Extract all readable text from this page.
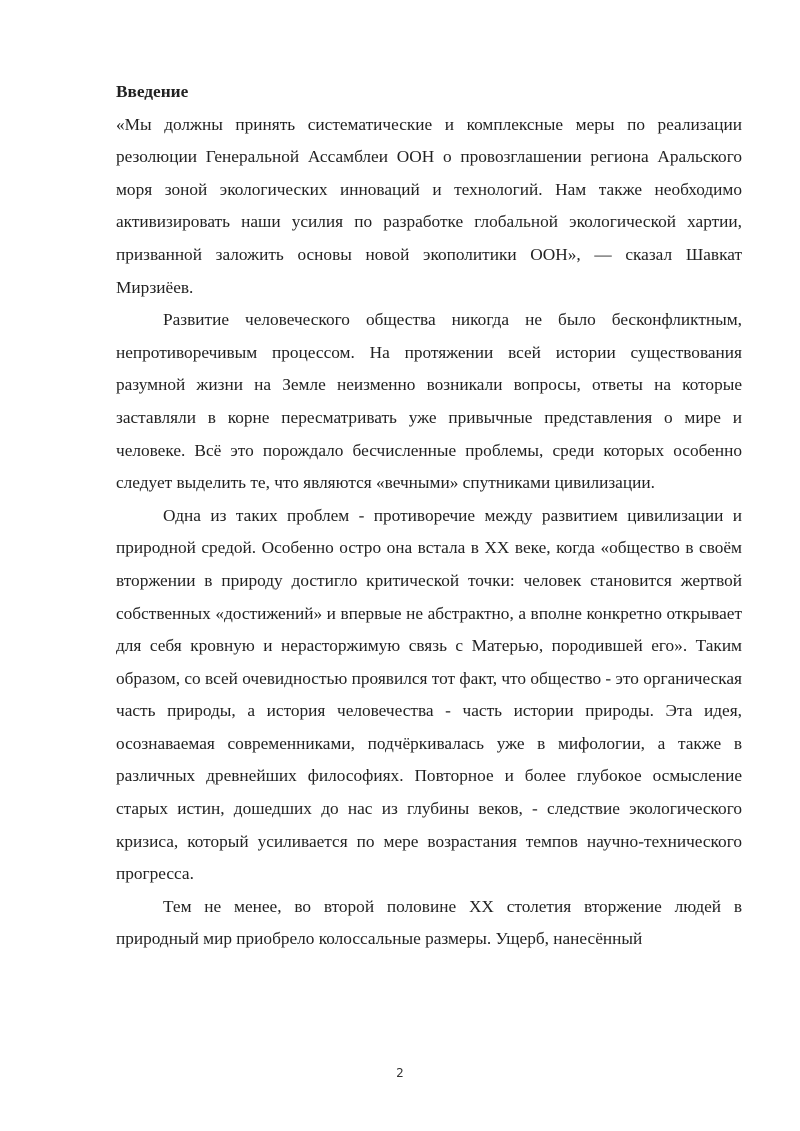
Введение

«Мы должны принять систематические и комплексные меры по реализации резолюции Генеральной Ассамблеи ООН о провозглашении региона Аральского моря зоной экологических инноваций и технологий. Нам также необходимо активизировать наши усилия по разработке глобальной экологической хартии, призванной заложить основы новой экополитики ООН», — сказал Шавкат Мирзиёев.

Развитие человеческого общества никогда не было бесконфликтным, непротиворечивым процессом. На протяжении всей истории существования разумной жизни на Земле неизменно возникали вопросы, ответы на которые заставляли в корне пересматривать уже привычные представления о мире и человеке. Всё это порождало бесчисленные проблемы, среди которых особенно следует выделить те, что являются «вечными» спутниками цивилизации.

Одна из таких проблем - противоречие между развитием цивилизации и природной средой. Особенно остро она встала в XX веке, когда «общество в своём вторжении в природу достигло критической точки: человек становится жертвой собственных «достижений» и впервые не абстрактно, а вполне конкретно открывает для себя кровную и нерасторжимую связь с Матерью, породившей его». Таким образом, со всей очевидностью проявился тот факт, что общество - это органическая часть природы, а история человечества - часть истории природы. Эта идея, осознаваемая современниками, подчёркивалась уже в мифологии, а также в различных древнейших философиях. Повторное и более глубокое осмысление старых истин, дошедших до нас из глубины веков, - следствие экологического кризиса, который усиливается по мере возрастания темпов научно-технического прогресса.

Тем не менее, во второй половине XX столетия вторжение людей в природный мир приобрело колоссальные размеры. Ущерб, нанесённый

2
